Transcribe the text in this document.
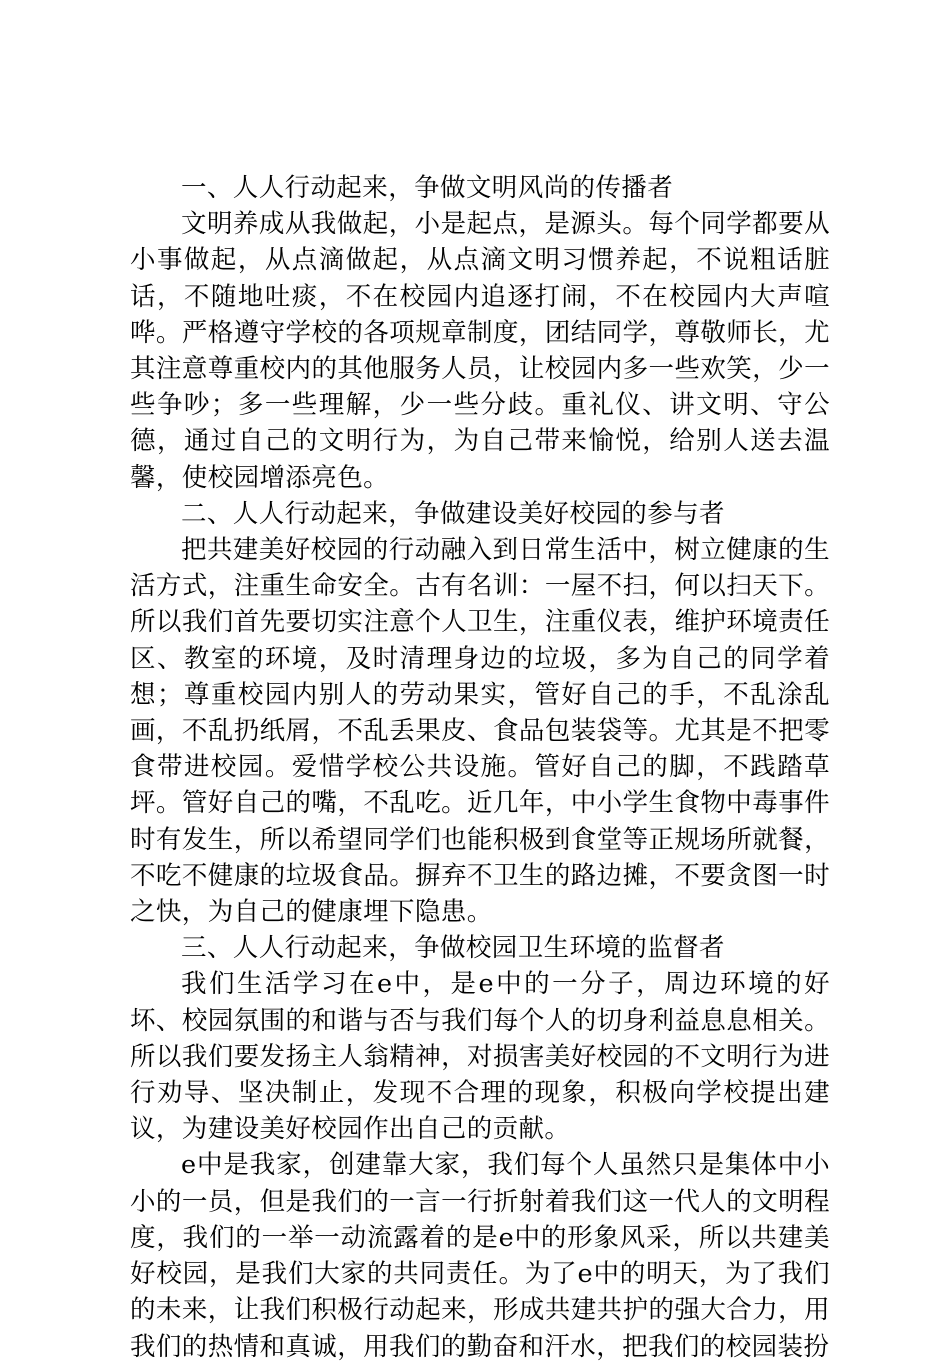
一、人人行动起来，争做文明风尚的传播者

文明养成从我做起，小是起点，是源头。每个同学都要从小事做起，从点滴做起，从点滴文明习惯养起，不说粗话脏话，不随地吐痰，不在校园内追逐打闹，不在校园内大声喧哗。严格遵守学校的各项规章制度，团结同学，尊敬师长，尤其注意尊重校内的其他服务人员，让校园内多一些欢笑，少一些争吵；多一些理解，少一些分歧。重礼仪、讲文明、守公德，通过自己的文明行为，为自己带来愉悦，给别人送去温馨，使校园增添亮色。

二、人人行动起来，争做建设美好校园的参与者

把共建美好校园的行动融入到日常生活中，树立健康的生活方式，注重生命安全。古有名训：一屋不扫，何以扫天下。所以我们首先要切实注意个人卫生，注重仪表，维护环境责任区、教室的环境，及时清理身边的垃圾，多为自己的同学着想；尊重校园内别人的劳动果实，管好自己的手，不乱涂乱画，不乱扔纸屑，不乱丢果皮、食品包装袋等。尤其是不把零食带进校园。爱惜学校公共设施。管好自己的脚，不践踏草坪。管好自己的嘴，不乱吃。近几年，中小学生食物中毒事件时有发生，所以希望同学们也能积极到食堂等正规场所就餐，不吃不健康的垃圾食品。摒弃不卫生的路边摊，不要贪图一时之快，为自己的健康埋下隐患。

三、人人行动起来，争做校园卫生环境的监督者

我们生活学习在e中，是e中的一分子，周边环境的好坏、校园氛围的和谐与否与我们每个人的切身利益息息相关。所以我们要发扬主人翁精神，对损害美好校园的不文明行为进行劝导、坚决制止，发现不合理的现象，积极向学校提出建议，为建设美好校园作出自己的贡献。

e中是我家，创建靠大家，我们每个人虽然只是集体中小小的一员，但是我们的一言一行折射着我们这一代人的文明程度，我们的一举一动流露着的是e中的形象风采，所以共建美好校园，是我们大家的共同责任。为了e中的明天，为了我们的未来，让我们积极行动起来，形成共建共护的强大合力，用我们的热情和真诚，用我们的勤奋和汗水，把我们的校园装扮
